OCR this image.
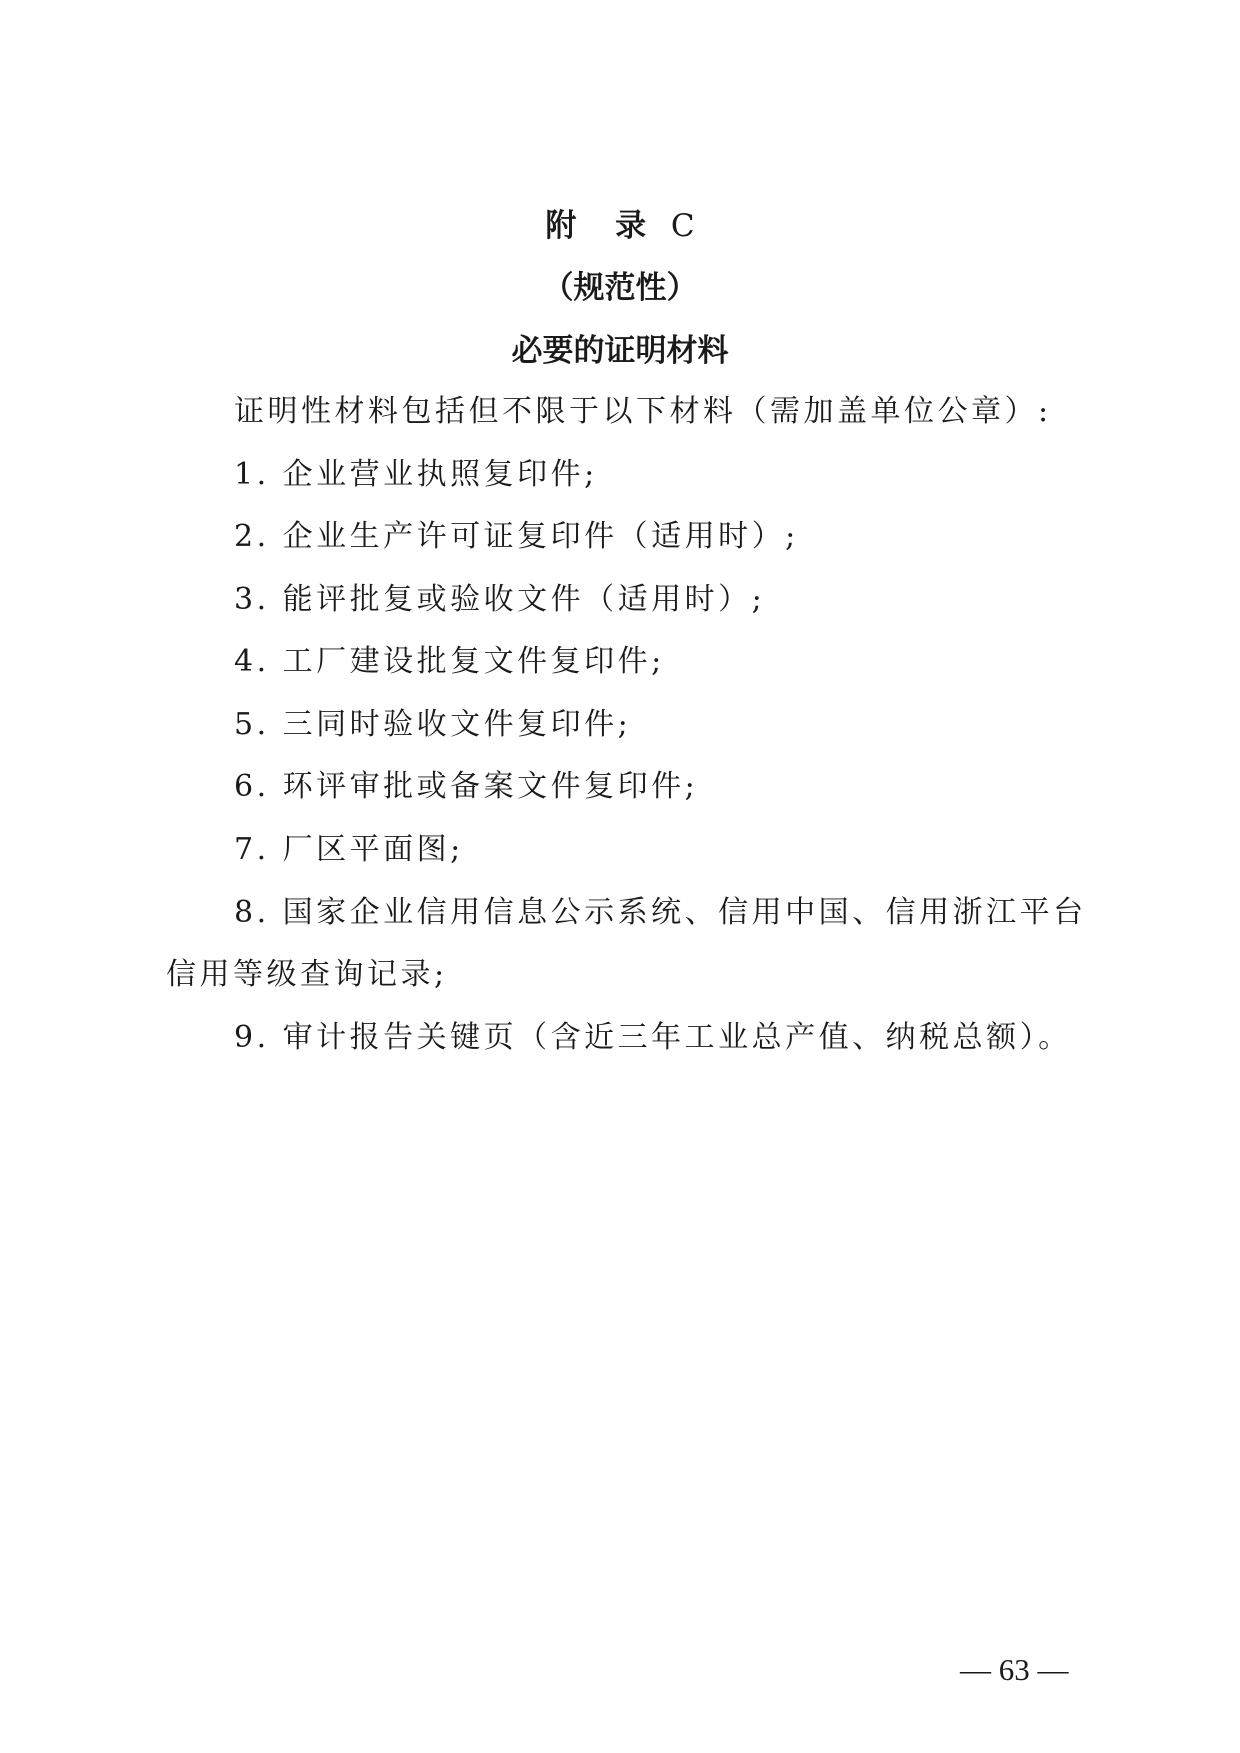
附 录 C
（规范性）
必要的证明材料
证明性材料包括但不限于以下材料（需加盖单位公章）:
1. 企业营业执照复印件;
2. 企业生产许可证复印件（适用时）;
3. 能评批复或验收文件（适用时）;
4. 工厂建设批复文件复印件;
5. 三同时验收文件复印件;
6. 环评审批或备案文件复印件;
7. 厂区平面图;
8. 国家企业信用信息公示系统、信用中国、信用浙江平台
信用等级查询记录;
9. 审计报告关键页（含近三年工业总产值、纳税总额）。
— 63 —
